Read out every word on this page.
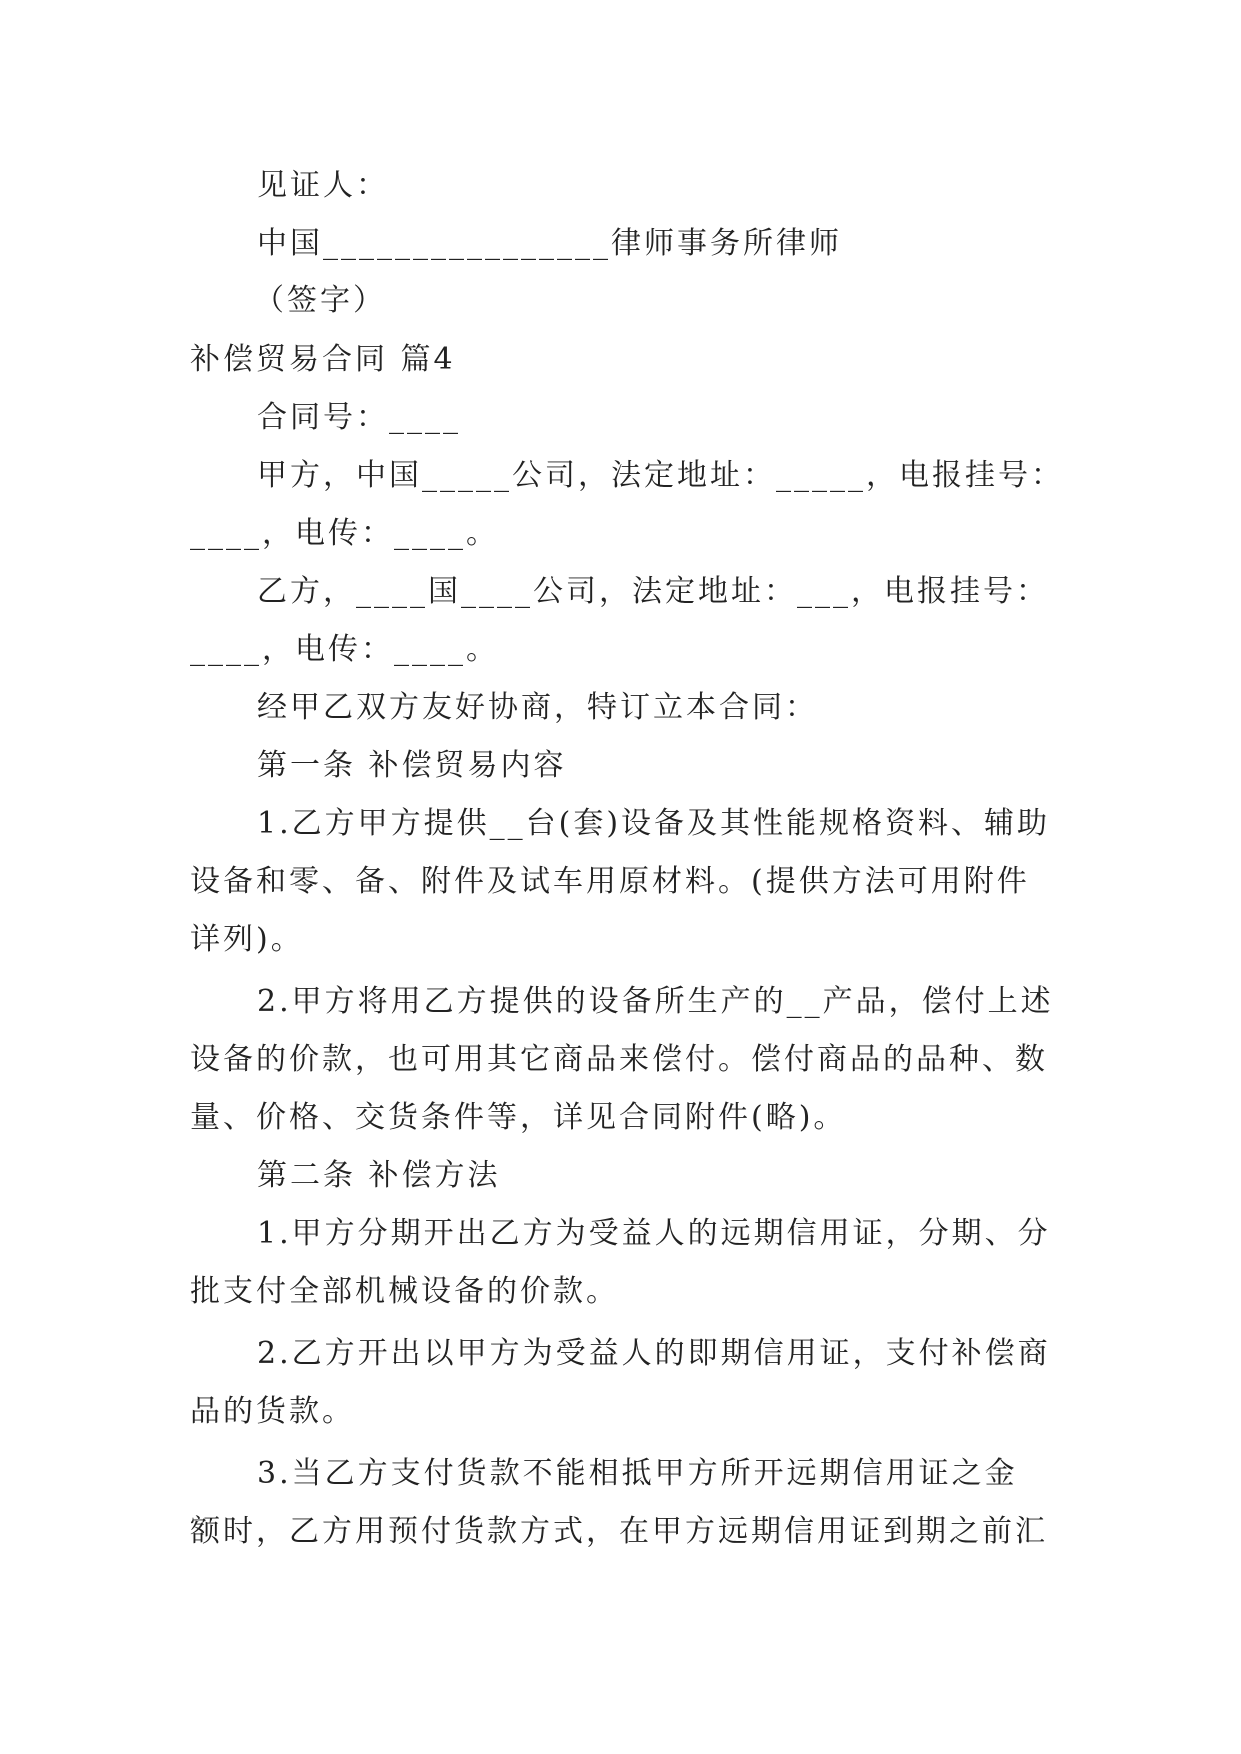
见证人：
中国________________律师事务所律师
（签字）
补偿贸易合同 篇4
合同号：____
甲方，中国_____公司，法定地址：_____，电报挂号：
____，电传：____。
乙方，____国____公司，法定地址：___，电报挂号：
____，电传：____。
经甲乙双方友好协商，特订立本合同：
第一条 补偿贸易内容
1.乙方甲方提供__台(套)设备及其性能规格资料、辅助
设备和零、备、附件及试车用原材料。(提供方法可用附件
详列)。
2.甲方将用乙方提供的设备所生产的__产品，偿付上述
设备的价款，也可用其它商品来偿付。偿付商品的品种、数
量、价格、交货条件等，详见合同附件(略)。
第二条 补偿方法
1.甲方分期开出乙方为受益人的远期信用证，分期、分
批支付全部机械设备的价款。
2.乙方开出以甲方为受益人的即期信用证，支付补偿商
品的货款。
3.当乙方支付货款不能相抵甲方所开远期信用证之金
额时，乙方用预付货款方式，在甲方远期信用证到期之前汇
